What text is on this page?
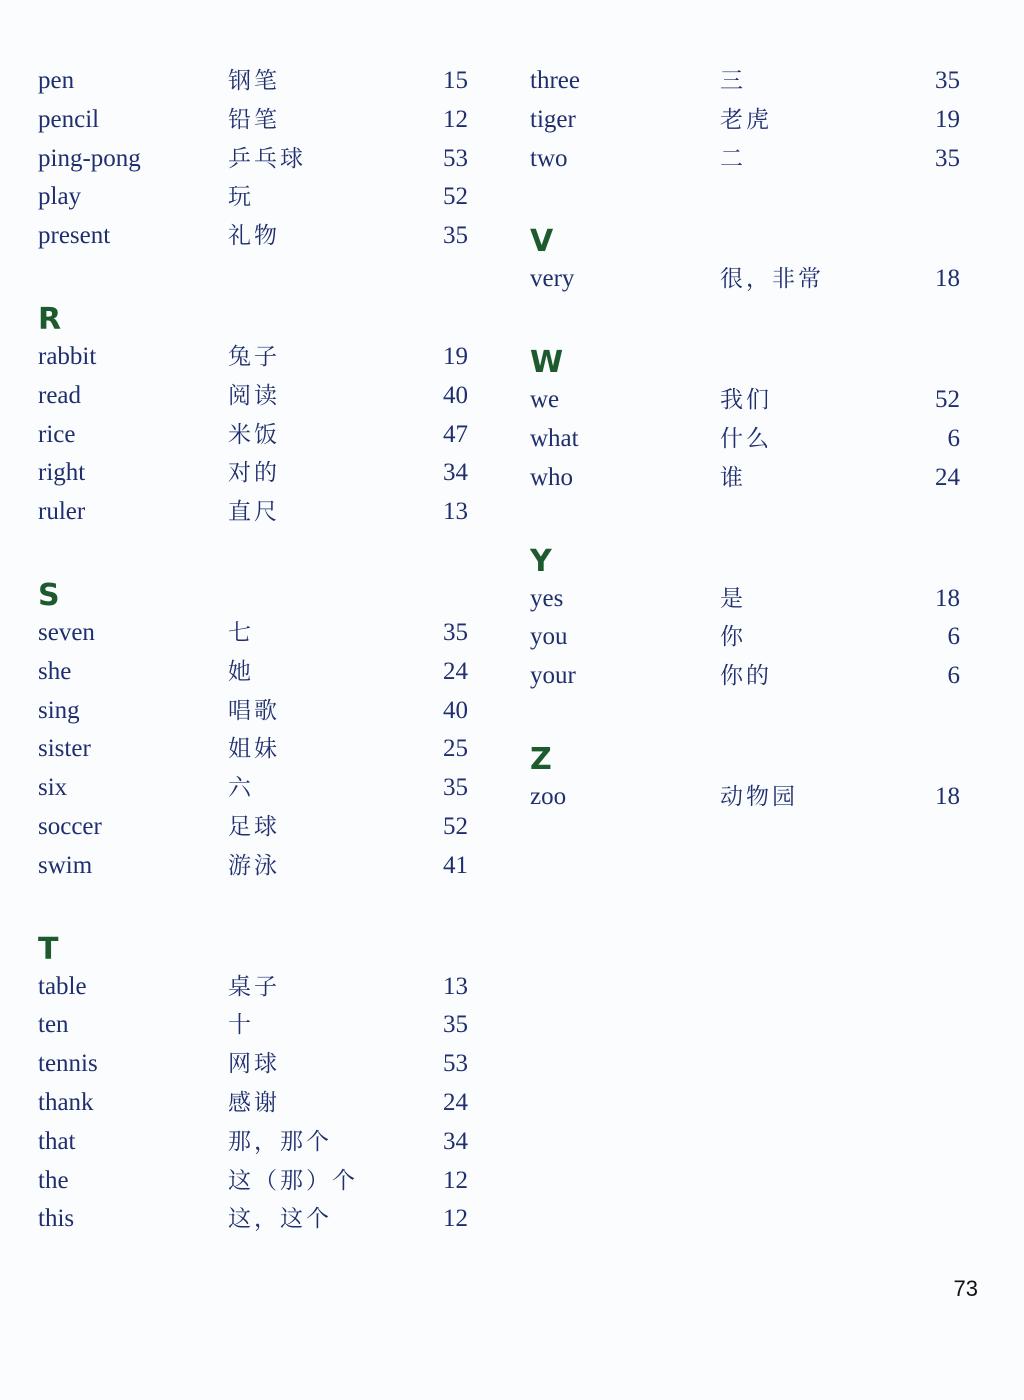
pen	钢笔	15
pencil	铅笔	12
ping-pong	乒乓球	53
play	玩	52
present	礼物	35
R
rabbit	兔子	19
read	阅读	40
rice	米饭	47
right	对的	34
ruler	直尺	13
S
seven	七	35
she	她	24
sing	唱歌	40
sister	姐妹	25
six	六	35
soccer	足球	52
swim	游泳	41
T
table	桌子	13
ten	十	35
tennis	网球	53
thank	感谢	24
that	那，那个	34
the	这（那）个	12
this	这，这个	12
three	三	35
tiger	老虎	19
two	二	35
V
very	很，非常	18
W
we	我们	52
what	什么	6
who	谁	24
Y
yes	是	18
you	你	6
your	你的	6
Z
zoo	动物园	18
73
